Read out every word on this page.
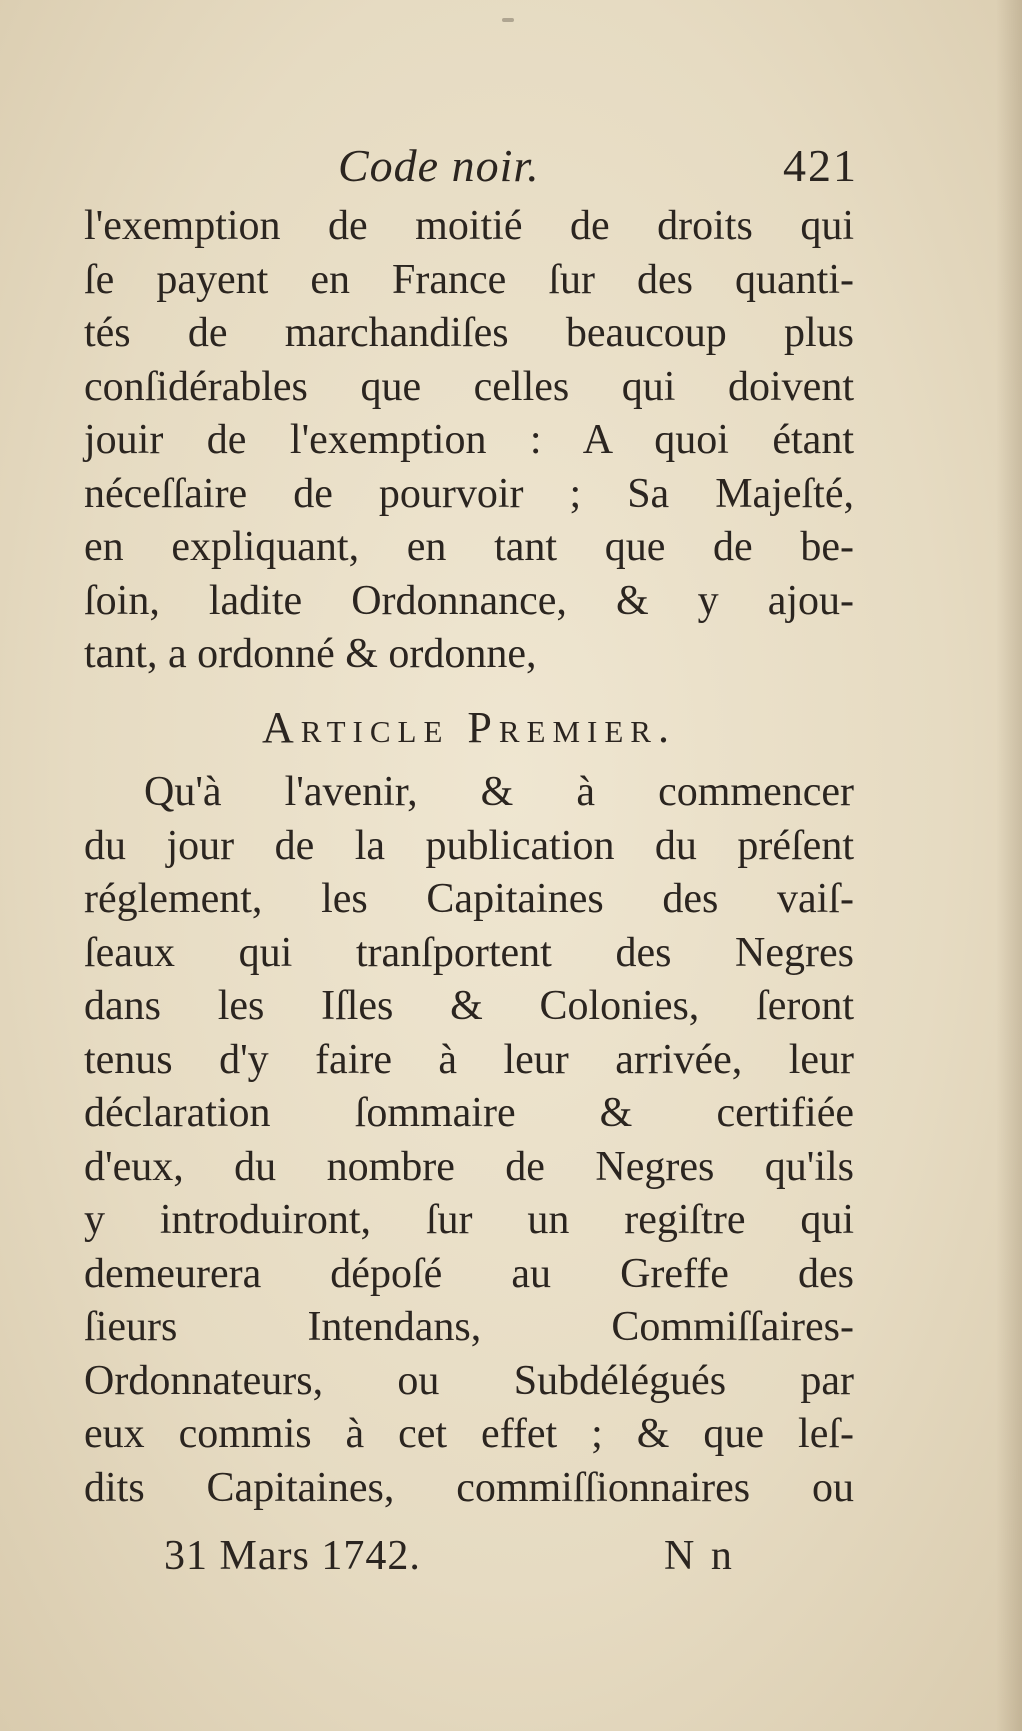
Code noir.	421
l'exemption de moitié de droits qui
ſe payent en France ſur des quanti-
tés de marchandiſes beaucoup plus
conſidérables que celles qui doivent
jouir de l'exemption : A quoi étant
néceſſaire de pourvoir ; Sa Majeſté,
en expliquant, en tant que de be-
ſoin, ladite Ordonnance, & y ajou-
tant, a ordonné & ordonne,
Article Premier.
Qu'à l'avenir, & à commencer
du jour de la publication du préſent
réglement, les Capitaines des vaiſ-
ſeaux qui tranſportent des Negres
dans les Iſles & Colonies, ſeront
tenus d'y faire à leur arrivée, leur
déclaration ſommaire & certifiée
d'eux, du nombre de Negres qu'ils
y introduiront, ſur un regiſtre qui
demeurera dépoſé au Greffe des
ſieurs Intendans, Commiſſaires-
Ordonnateurs, ou Subdélégués par
eux commis à cet effet ; & que leſ-
dits Capitaines, commiſſionnaires ou
31 Mars 1742.	N n
